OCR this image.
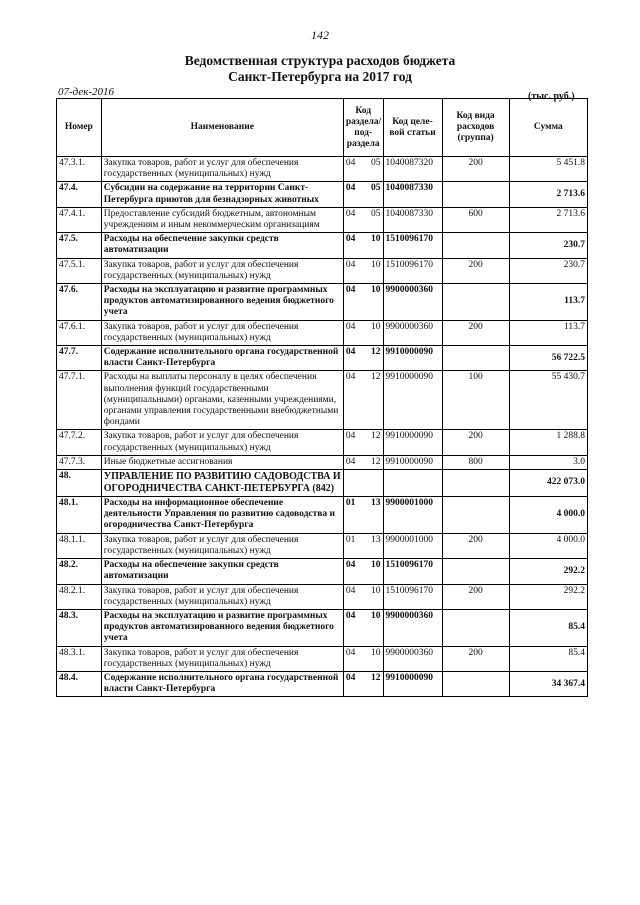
142
Ведомственная структура расходов бюджета
Санкт-Петербурга на 2017 год
07-дек-2016	(тыс. руб.)
Номер	Наименование	Код раздела/ под- раздела	Код целе- вой статьи	Код вида расходов (группа)	Сумма
47.3.1.	Закупка товаров, работ и услуг для обеспечения государственных (муниципальных) нужд	04 05	1040087320	200	5 451.8
47.4.	Субсидии на содержание на территории Санкт-Петербурга приютов для безнадзорных животных	04 05	1040087330		2 713.6
47.4.1.	Предоставление субсидий бюджетным, автономным учреждениям и иным некоммерческим организациям	04 05	1040087330	600	2 713.6
47.5.	Расходы на обеспечение закупки средств автоматизации	04 10	1510096170		230.7
47.5.1.	Закупка товаров, работ и услуг для обеспечения государственных (муниципальных) нужд	04 10	1510096170	200	230.7
47.6.	Расходы на эксплуатацию и развитие программных продуктов автоматизированного ведения бюджетного учета	04 10	9900000360		113.7
47.6.1.	Закупка товаров, работ и услуг для обеспечения государственных (муниципальных) нужд	04 10	9900000360	200	113.7
47.7.	Содержание исполнительного органа государственной власти Санкт-Петербурга	04 12	9910000090		56 722.5
47.7.1.	Расходы на выплаты персоналу в целях обеспечения выполнения функций государственными (муниципальными) органами, казенными учреждениями, органами управления государственными внебюджетными фондами	04 12	9910000090	100	55 430.7
47.7.2.	Закупка товаров, работ и услуг для обеспечения государственных (муниципальных) нужд	04 12	9910000090	200	1 288.8
47.7.3.	Иные бюджетные ассигнования	04 12	9910000090	800	3.0
48.	УПРАВЛЕНИЕ ПО РАЗВИТИЮ САДОВОДСТВА И ОГОРОДНИЧЕСТВА САНКТ-ПЕТЕРБУРГА (842)				422 073.0
48.1.	Расходы на информационное обеспечение деятельности Управления по развитию садоводства и огородничества Санкт-Петербурга	01 13	9900001000		4 000.0
48.1.1.	Закупка товаров, работ и услуг для обеспечения государственных (муниципальных) нужд	01 13	9900001000	200	4 000.0
48.2.	Расходы на обеспечение закупки средств автоматизации	04 10	1510096170		292.2
48.2.1.	Закупка товаров, работ и услуг для обеспечения государственных (муниципальных) нужд	04 10	1510096170	200	292.2
48.3.	Расходы на эксплуатацию и развитие программных продуктов автоматизированного ведения бюджетного учета	04 10	9900000360		85.4
48.3.1.	Закупка товаров, работ и услуг для обеспечения государственных (муниципальных) нужд	04 10	9900000360	200	85.4
48.4.	Содержание исполнительного органа государственной власти Санкт-Петербурга	04 12	9910000090		34 367.4
